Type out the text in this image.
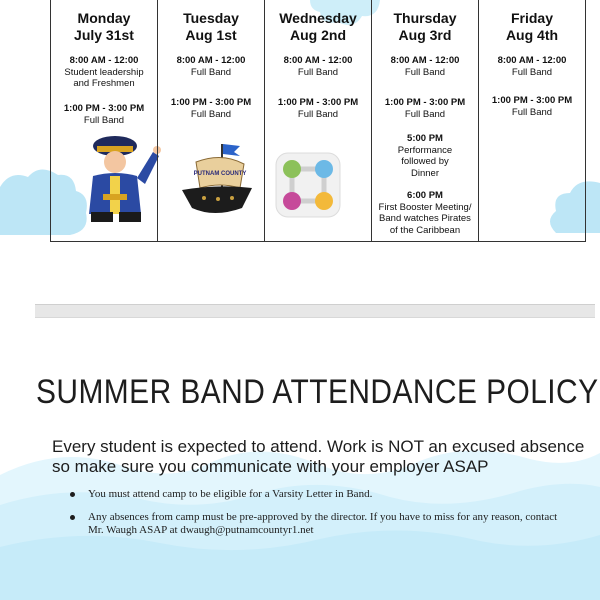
Monday
July 31st
8:00 AM - 12:00
Student leadership
and Freshmen
1:00 PM - 3:00 PM
Full Band
Tuesday
Aug 1st
8:00 AM - 12:00
Full Band
1:00 PM - 3:00 PM
Full Band
PUTNAM COUNTY
Wednesday
Aug 2nd
8:00 AM - 12:00
Full Band
1:00 PM - 3:00 PM
Full Band
Thursday
Aug 3rd
8:00 AM - 12:00
Full Band
1:00 PM - 3:00 PM
Full Band
5:00 PM
Performance
followed by
Dinner
6:00 PM
First Booster Meeting/
Band watches Pirates
of the Caribbean
Friday
Aug 4th
8:00 AM - 12:00
Full Band
1:00 PM - 3:00 PM
Full Band
SUMMER BAND ATTENDANCE POLICY
Every student is expected to attend. Work is NOT an excused absence so make sure you communicate with your employer ASAP
You must attend camp to be eligible for a Varsity Letter in Band.
Any absences from camp must be pre-approved by the director. If you have to miss for any reason, contact Mr. Waugh ASAP at dwaugh@putnamcountyr1.net
